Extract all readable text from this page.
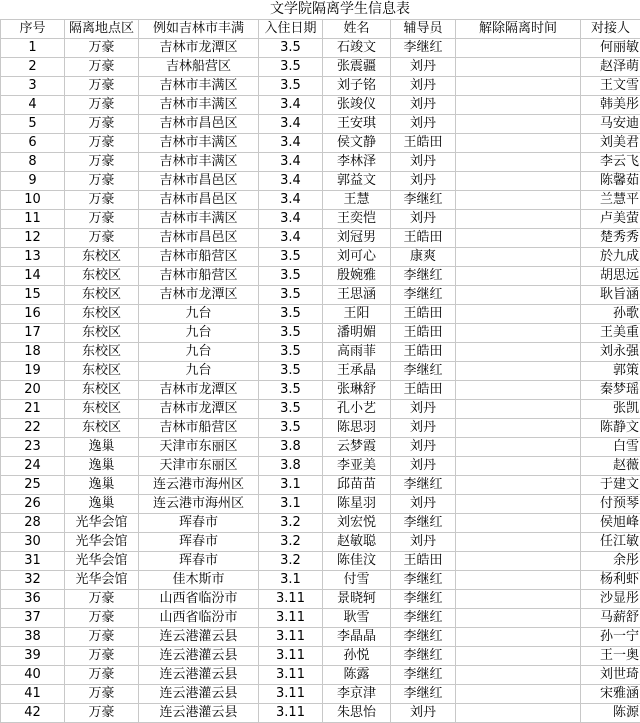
文学院隔离学生信息表
序号	隔离地点区	例如吉林市丰满	入住日期	姓名	辅导员	解除隔离时间	对接人
1	万豪	吉林市龙潭区	3.5	石竣文	李继红		何丽敏
2	万豪	吉林船营区	3.5	张震疆	刘丹		赵泽萌
3	万豪	吉林市丰满区	3.5	刘子铭	刘丹		王文雪
4	万豪	吉林市丰满区	3.4	张竣仪	刘丹		韩美彤
5	万豪	吉林市昌邑区	3.4	王安琪	刘丹		马安迪
6	万豪	吉林市丰满区	3.4	侯文静	王皓田		刘美君
8	万豪	吉林市丰满区	3.4	李林泽	刘丹		李云飞
9	万豪	吉林市昌邑区	3.4	郭益文	刘丹		陈馨茹
10	万豪	吉林市昌邑区	3.4	王慧	李继红		兰慧平
11	万豪	吉林市丰满区	3.4	王奕恺	刘丹		卢美萤
12	万豪	吉林市昌邑区	3.4	刘冠男	王皓田		楚秀秀
13	东校区	吉林市船营区	3.5	刘可心	康爽		於九成
14	东校区	吉林市船营区	3.5	殷婉雅	李继红		胡思远
15	东校区	吉林市龙潭区	3.5	王思涵	李继红		耿旨涵
16	东校区	九台	3.5	王阳	王皓田		孙歌
17	东校区	九台	3.5	潘明媚	王皓田		王美重
18	东校区	九台	3.5	高雨菲	王皓田		刘永强
19	东校区	九台	3.5	王承晶	李继红		郭策
20	东校区	吉林市龙潭区	3.5	张琳舒	王皓田		秦梦瑶
21	东校区	吉林市龙潭区	3.5	孔小艺	刘丹		张凯
22	东校区	吉林市船营区	3.5	陈思羽	刘丹		陈静文
23	逸巢	天津市东丽区	3.8	云梦霞	刘丹		白雪
24	逸巢	天津市东丽区	3.8	李亚美	刘丹		赵薇
25	逸巢	连云港市海州区	3.1	邱苗苗	李继红		于建文
26	逸巢	连云港市海州区	3.1	陈星羽	刘丹		付预琴
28	光华会馆	珲春市	3.2	刘宏悦	李继红		侯旭峰
30	光华会馆	珲春市	3.2	赵敏聪	刘丹		任江敏
31	光华会馆	珲春市	3.2	陈佳汶	王皓田		余彤
32	光华会馆	佳木斯市	3.1	付雪	李继红		杨利虾
36	万豪	山西省临汾市	3.11	景晓轲	李继红		沙显彤
37	万豪	山西省临汾市	3.11	耿雪	李继红		马薪舒
38	万豪	连云港灌云县	3.11	李晶晶	李继红		孙一宁
39	万豪	连云港灌云县	3.11	孙悦	李继红		王一奥
40	万豪	连云港灌云县	3.11	陈露	李继红		刘世琦
41	万豪	连云港灌云县	3.11	李京津	李继红		宋雅涵
42	万豪	连云港灌云县	3.11	朱思怡	刘丹		陈源
